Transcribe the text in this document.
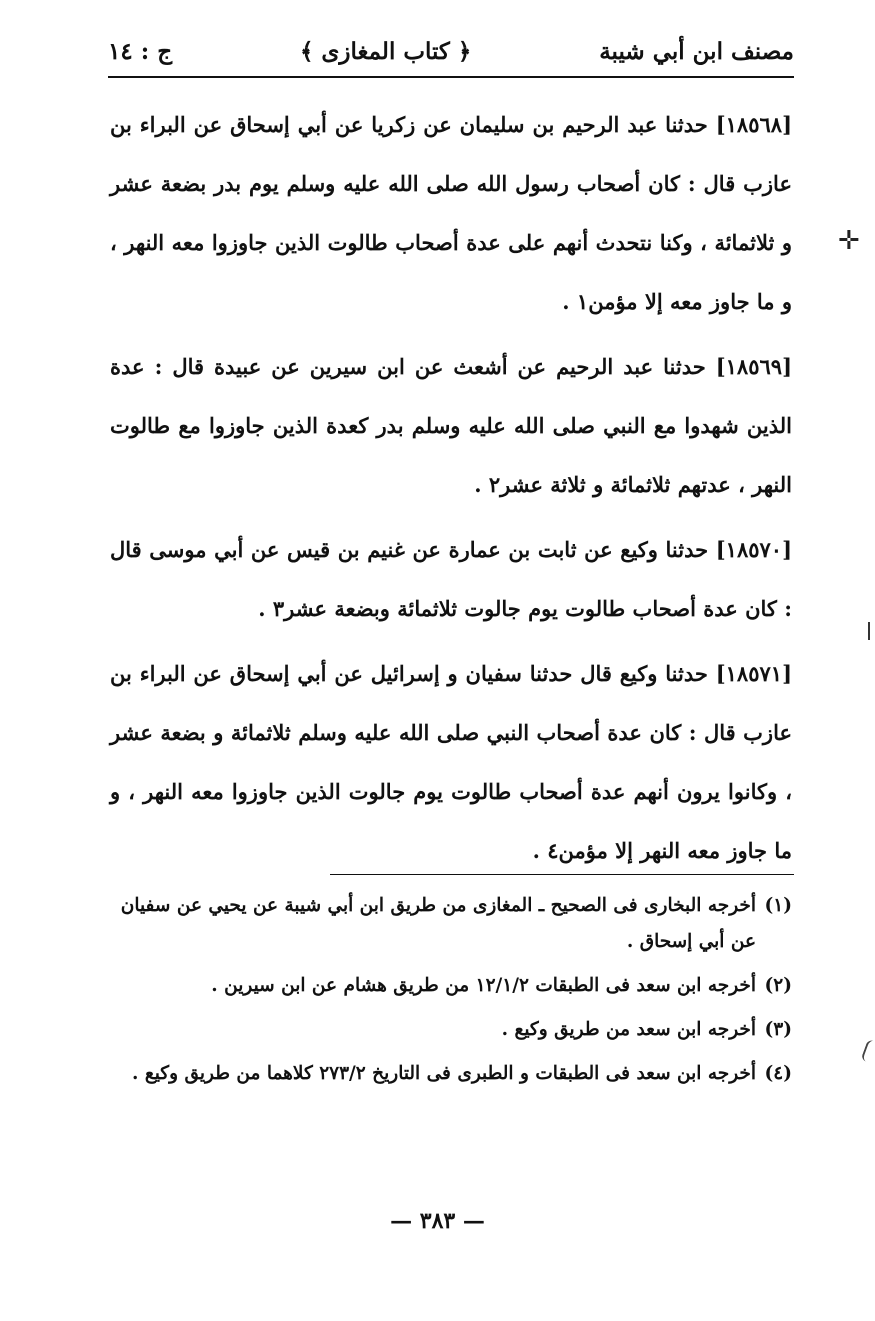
مصنف ابن أبي شيبة
﴿ كتاب المغازى ﴾
ج : ١٤

[١٨٥٦٨] حدثنا عبد الرحيم بن سليمان عن زكريا عن أبي إسحاق عن البراء بن عازب قال : كان أصحاب رسول الله صلى الله عليه وسلم يوم بدر بضعة عشر و ثلاثمائة ، وكنا نتحدث أنهم على عدة أصحاب طالوت الذين جاوزوا معه النهر ، و ما جاوز معه إلا مؤمن١ .

[١٨٥٦٩] حدثنا عبد الرحيم عن أشعث عن ابن سيرين عن عبيدة قال : عدة الذين شهدوا مع النبي صلى الله عليه وسلم بدر كعدة الذين جاوزوا مع طالوت النهر ، عدتهم ثلاثمائة و ثلاثة عشر٢ .

[١٨٥٧٠] حدثنا وكيع عن ثابت بن عمارة عن غنيم بن قيس عن أبي موسى قال : كان عدة أصحاب طالوت يوم جالوت ثلاثمائة وبضعة عشر٣ .

[١٨٥٧١] حدثنا وكيع قال حدثنا سفيان و إسرائيل عن أبي إسحاق عن البراء بن عازب قال : كان عدة أصحاب النبي صلى الله عليه وسلم ثلاثمائة و بضعة عشر ، وكانوا يرون أنهم عدة أصحاب طالوت يوم جالوت الذين جاوزوا معه النهر ، و ما جاوز معه النهر إلا مؤمن٤ .

(١)أخرجه البخارى فى الصحيح ـ المغازى من طريق ابن أبي شيبة عن يحيي عن سفيان عن أبي إسحاق .

(٢)أخرجه ابن سعد فى الطبقات ١٢/١/٢ من طريق هشام عن ابن سيرين .

(٣)أخرجه ابن سعد من طريق وكيع .

(٤)أخرجه ابن سعد فى الطبقات و الطبرى فى التاريخ ٢٧٣/٢ كلاهما من طريق وكيع .

— ٣٨٣ —
✛
